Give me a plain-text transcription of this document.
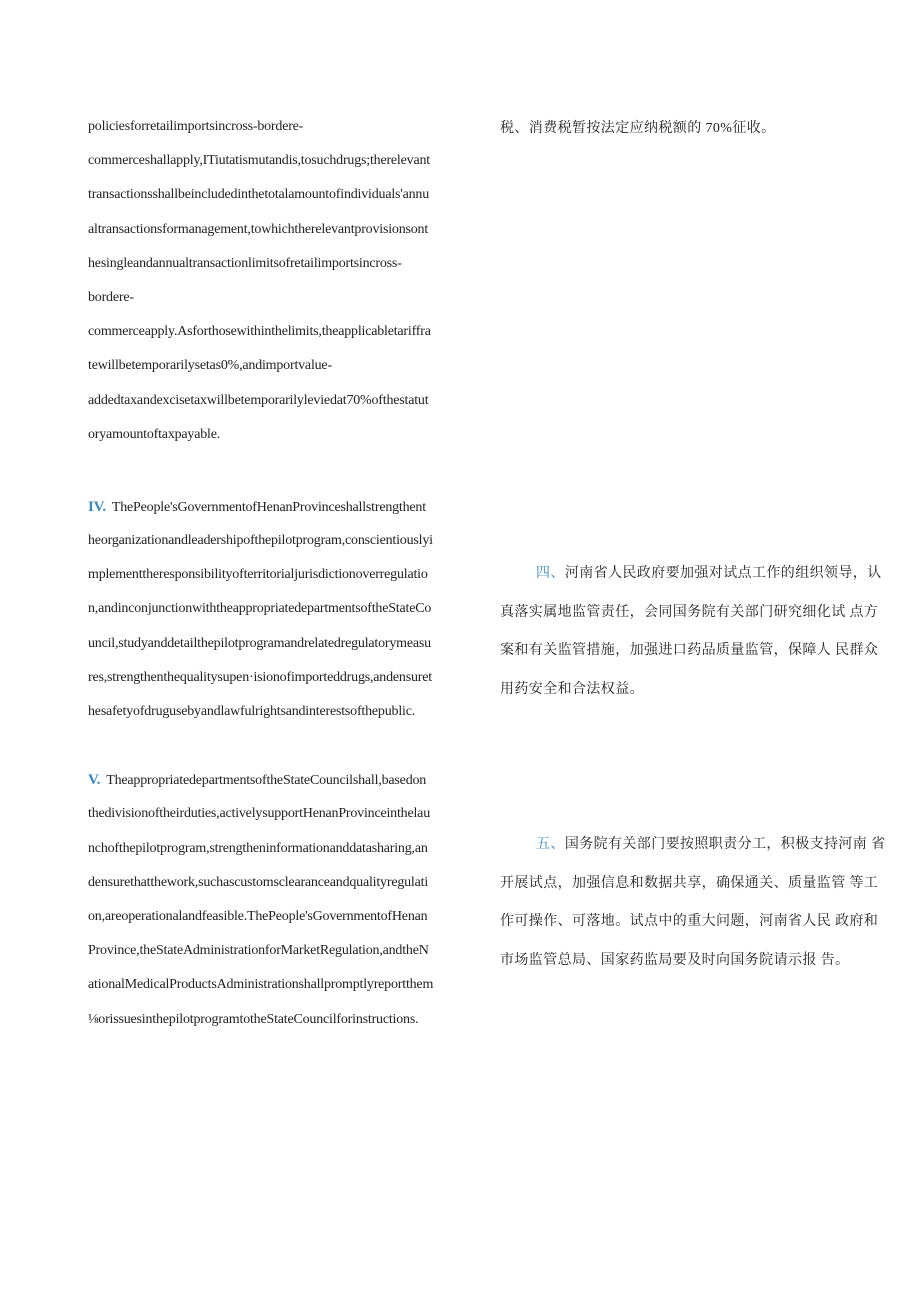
policiesforretailimportsincross-bordere-
commerceshallapply,ITiutatismutandis,tosuchdrugs;therelevant
transactionsshallbeincludedinthetotalamountofindividuals'annu
altransactionsformanagement,towhichtherelevantprovisionsont
hesingleandannualtransactionlimitsofretailimportsincross-
bordere-
commerceapply.Asforthosewithinthelimits,theapplicabletariffra
tewillbetemporarilysetas0%,andimportvalue-
addedtaxandexcisetaxwillbetemporarilyleviedat70%ofthestatut
oryamountoftaxpayable.
IV. ThePeople'sGovernmentofHenanProvinceshallstrengthent
heorganizationandleadershipofthepilotprogram,conscientiouslyi
mplementtheresponsibilityofterritorialjurisdictionoverregulatio
n,andinconjunctionwiththeappropriatedepartmentsoftheStateCo
uncil,studyanddetailthepilotprogramandrelatedregulatorymeasu
res,strengthenthequalitysupen·isionofimporteddrugs,andensuret
hesafetyofdrugusebyandlawfulrightsandinterestsofthepublic.
V. TheappropriatedepartmentsoftheStateCouncilshall,basedon
thedivisionoftheirduties,activelysupportHenanProvinceinthelau
nchofthepilotprogram,strengtheninformationanddatasharing,an
densurethatthework,suchascustomsclearanceandqualityregulati
on,areoperationalandfeasible.ThePeople'sGovernmentofHenan
Province,theStateAdministrationforMarketRegulation,andtheN
ationalMedicalProductsAdministrationshallpromptlyreportthem
⅛orissuesinthepilotprogramtotheStateCouncilforinstructions.
税、消费税暂按法定应纳税额的 70%征收。
四、河南省人民政府要加强对试点工作的组织领导，认
真落实属地监管责任，会同国务院有关部门研究细化试 点方
案和有关监管措施，加强进口药品质量监管，保障人 民群众
用药安全和合法权益。
五、国务院有关部门要按照职责分工，积极支持河南 省
开展试点，加强信息和数据共享，确保通关、质量监管 等工
作可操作、可落地。试点中的重大问题，河南省人民 政府和
市场监管总局、国家药监局要及时向国务院请示报 告。
